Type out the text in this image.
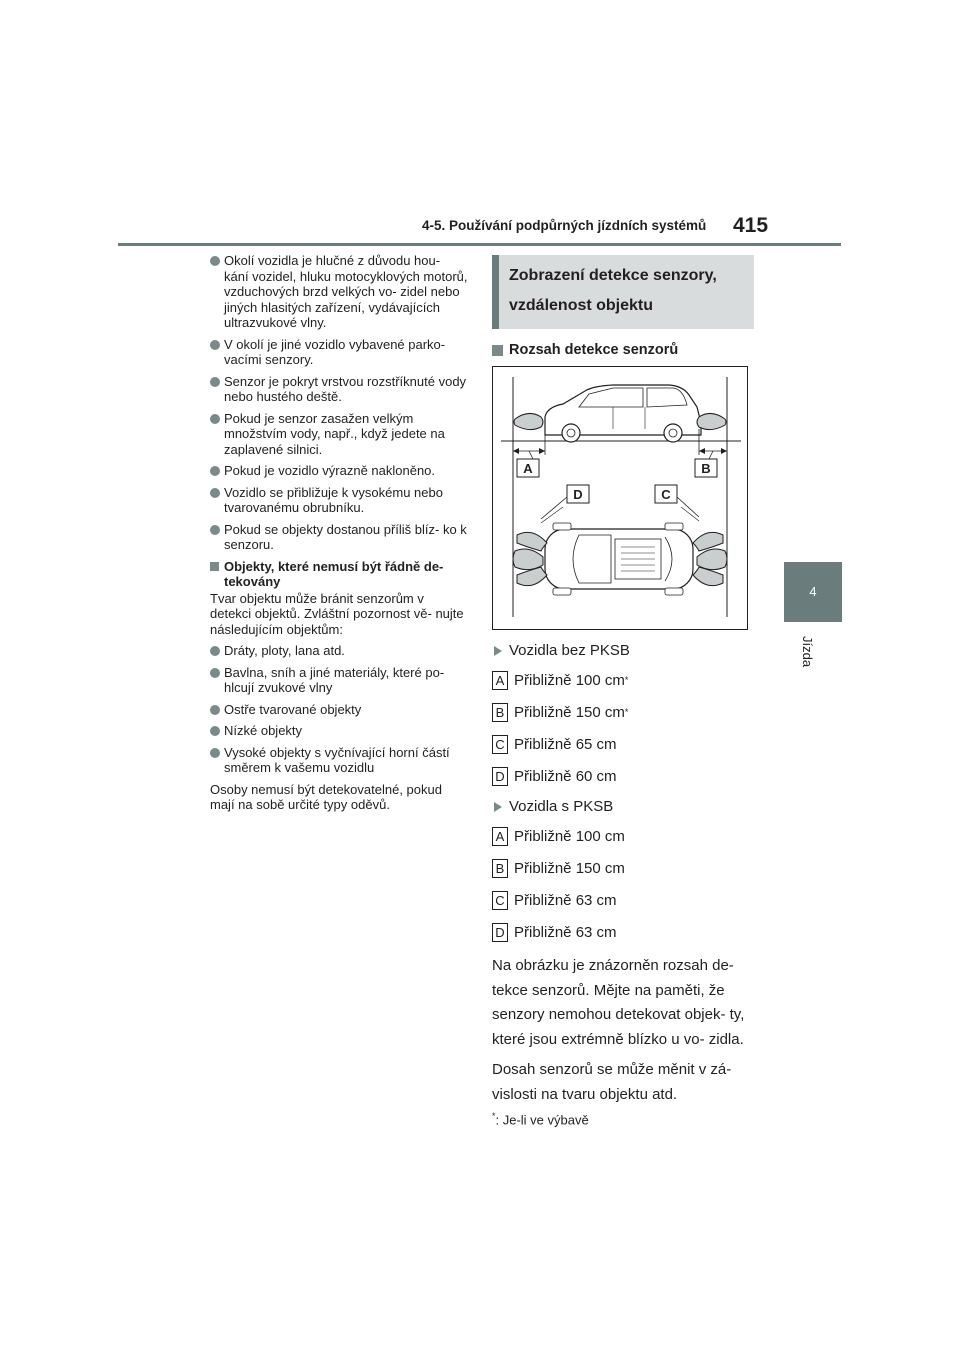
4-5. Používání podpůrných jízdních systémů 415
4
Jízda
Okolí vozidla je hlučné z důvodu hou- kání vozidel, hluku motocyklových motorů, vzduchových brzd velkých vo- zidel nebo jiných hlasitých zařízení, vydávajících ultrazvukové vlny.
V okolí je jiné vozidlo vybavené parko- vacími senzory.
Senzor je pokryt vrstvou rozstříknuté vody nebo hustého deště.
Pokud je senzor zasažen velkým množstvím vody, např., když jedete na zaplavené silnici.
Pokud je vozidlo výrazně nakloněno.
Vozidlo se přibližuje k vysokému nebo tvarovanému obrubníku.
Pokud se objekty dostanou příliš blíz- ko k senzoru.
Objekty, které nemusí být řádně de- tekovány
Tvar objektu může bránit senzorům v detekci objektů. Zvláštní pozornost vě- nujte následujícím objektům:
Dráty, ploty, lana atd.
Bavlna, sníh a jiné materiály, které po- hlcují zvukové vlny
Ostře tvarované objekty
Nízké objekty
Vysoké objekty s vyčnívající horní částí směrem k vašemu vozidlu
Osoby nemusí být detekovatelné, pokud mají na sobě určité typy oděvů.
Zobrazení detekce senzory, vzdálenost objektu
Rozsah detekce senzorů
A	B
D	C
Vozidla bez PKSB
A Přibližně 100 cm *
B Přibližně 150 cm *
C Přibližně 65 cm
D Přibližně 60 cm
Vozidla s PKSB
A Přibližně 100 cm
B Přibližně 150 cm
C Přibližně 63 cm
D Přibližně 63 cm
Na obrázku je znázorněn rozsah de- tekce senzorů. Mějte na paměti, že senzory nemohou detekovat objek- ty, které jsou extrémně blízko u vo- zidla.
Dosah senzorů se může měnit v zá- vislosti na tvaru objektu atd.
*: Je-li ve výbavě
